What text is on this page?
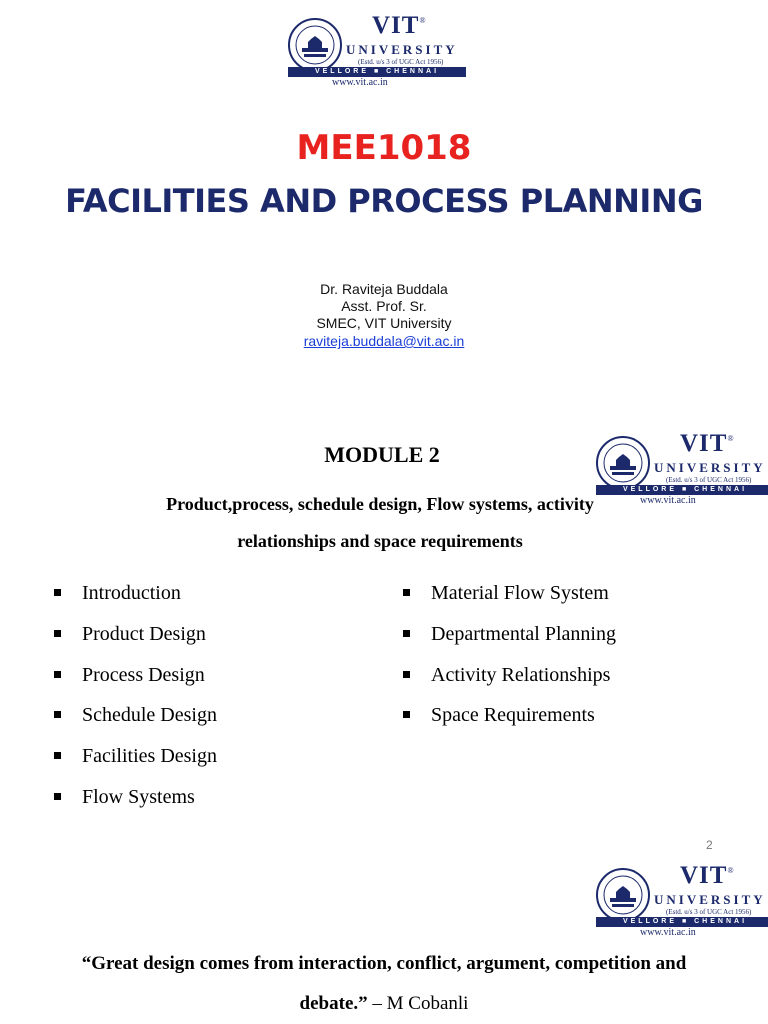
VIT®
UNIVERSITY
(Estd. u/s 3 of UGC Act 1956)
VELLORE ■ CHENNAI
www.vit.ac.in
MEE1018
FACILITIES AND PROCESS PLANNING
Dr. Raviteja Buddala
Asst. Prof. Sr.
SMEC, VIT University
raviteja.buddala@vit.ac.in
VIT®
UNIVERSITY
(Estd. u/s 3 of UGC Act 1956)
VELLORE ■ CHENNAI
www.vit.ac.in
MODULE 2
Product,process, schedule design, Flow systems, activity
relationships and space requirements
Introduction
Product Design
Process Design
Schedule Design
Facilities Design
Flow Systems
Material Flow System
Departmental Planning
Activity Relationships
Space Requirements
2
VIT®
UNIVERSITY
(Estd. u/s 3 of UGC Act 1956)
VELLORE ■ CHENNAI
www.vit.ac.in
“Great design comes from interaction, conflict, argument, competition and
debate.” – M Cobanli
